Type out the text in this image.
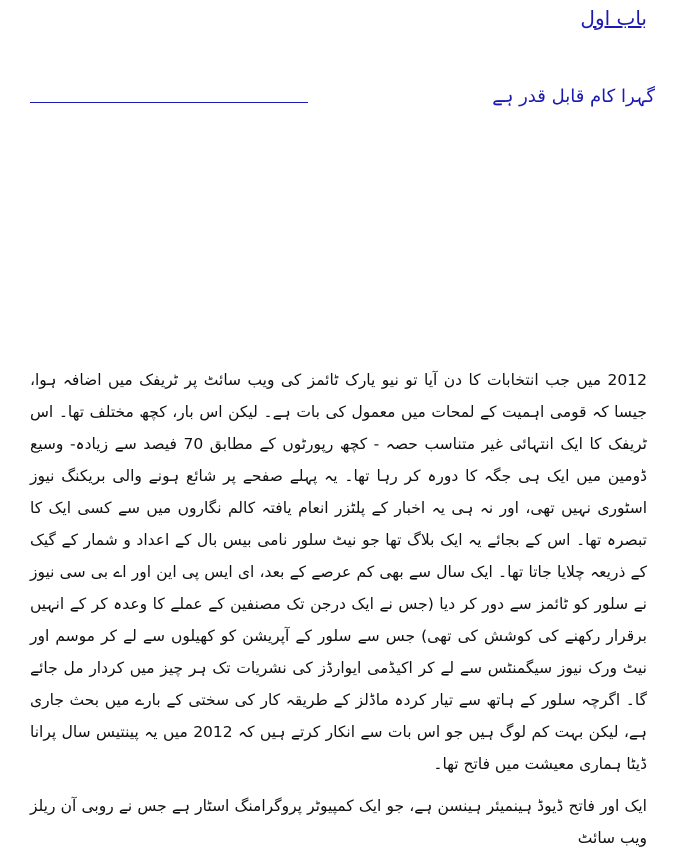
باب اول
گہرا کام قابل قدر ہے

2012 میں جب انتخابات کا دن آیا تو نیو یارک ٹائمز کی ویب سائٹ پر ٹریفک میں اضافہ ہوا، جیسا کہ قومی اہمیت کے لمحات میں معمول کی بات ہے۔ لیکن اس بار، کچھ مختلف تھا۔ اس ٹریفک کا ایک انتہائی غیر متناسب حصہ - کچھ رپورٹوں کے مطابق 70 فیصد سے زیادہ- وسیع ڈومین میں ایک ہی جگہ کا دورہ کر رہا تھا۔ یہ پہلے صفحے پر شائع ہونے والی بریکنگ نیوز اسٹوری نہیں تھی، اور نہ ہی یہ اخبار کے پلٹزر انعام یافتہ کالم نگاروں میں سے کسی ایک کا تبصرہ تھا۔ اس کے بجائے یہ ایک بلاگ تھا جو نیٹ سلور نامی بیس بال کے اعداد و شمار کے گیک کے ذریعہ چلایا جاتا تھا۔ ایک سال سے بھی کم عرصے کے بعد، ای ایس پی این اور اے بی سی نیوز نے سلور کو ٹائمز سے دور کر دیا (جس نے ایک درجن تک مصنفین کے عملے کا وعدہ کر کے انہیں برقرار رکھنے کی کوشش کی تھی) جس سے سلور کے آپریشن کو کھیلوں سے لے کر موسم اور نیٹ ورک نیوز سیگمنٹس سے لے کر اکیڈمی ایوارڈز کی نشریات تک ہر چیز میں کردار مل جائے گا۔ اگرچہ سلور کے ہاتھ سے تیار کردہ ماڈلز کے طریقہ کار کی سختی کے بارے میں بحث جاری ہے، لیکن بہت کم لوگ ہیں جو اس بات سے انکار کرتے ہیں کہ 2012 میں یہ پینتیس سال پرانا ڈیٹا ہماری معیشت میں فاتح تھا۔

ایک اور فاتح ڈیوڈ ہینمیئر ہینسن ہے، جو ایک کمپیوٹر پروگرامنگ اسٹار ہے جس نے روبی آن ریلز ویب سائٹ
